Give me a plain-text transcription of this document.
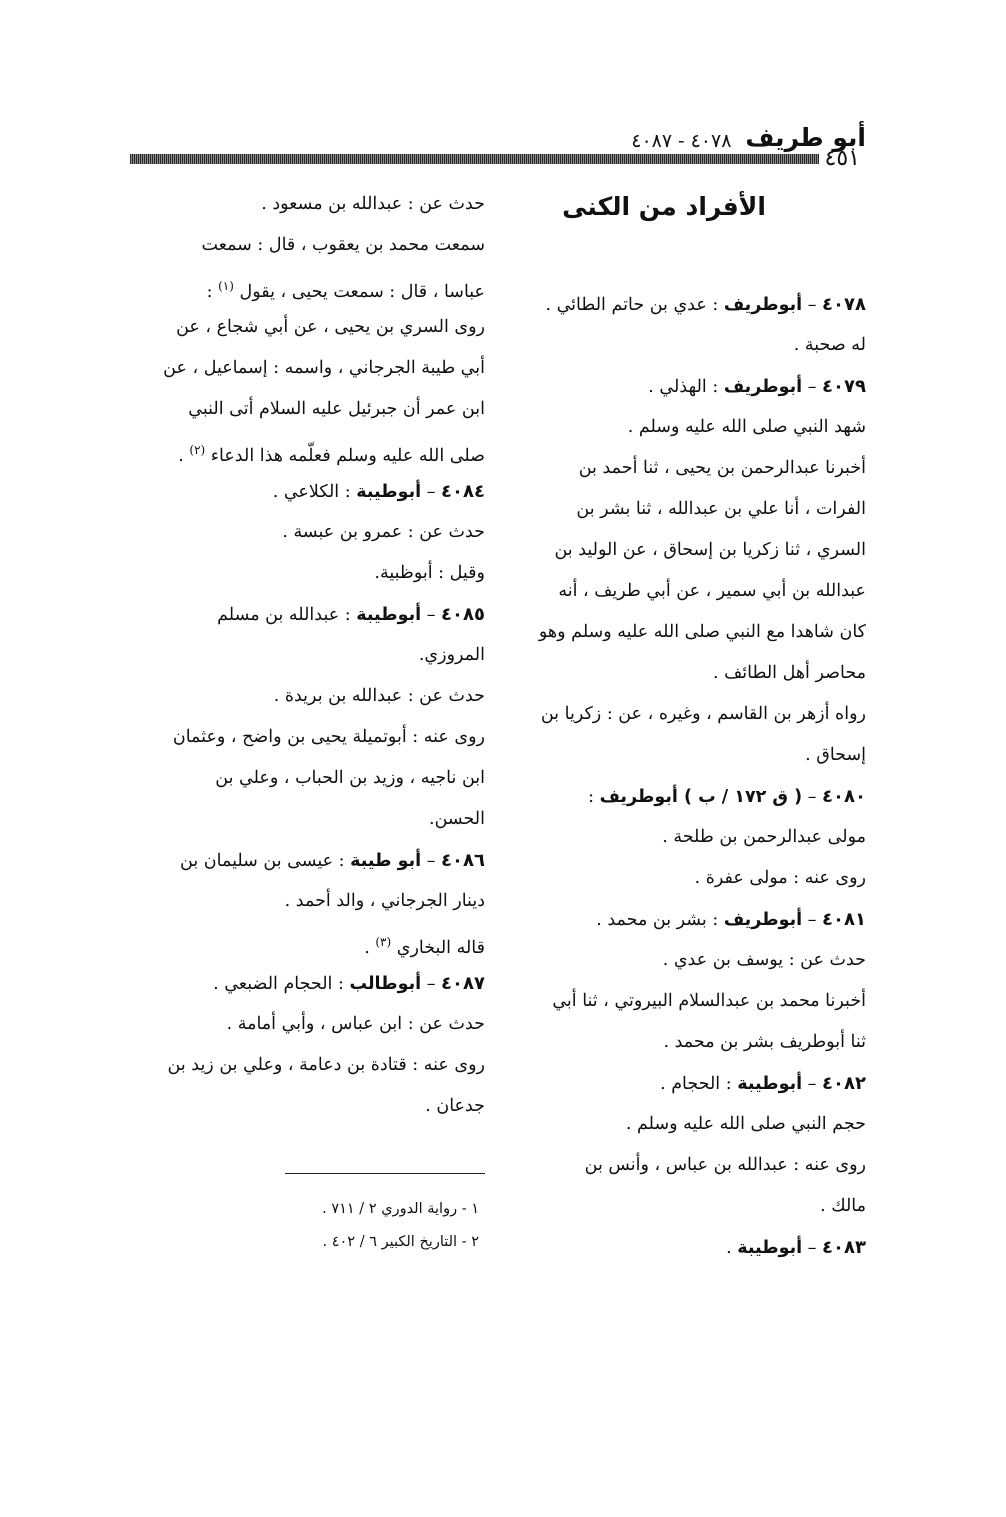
أبو طريف
٤٠٧٨ - ٤٠٨٧
٤٥١
الأفراد من الكنى
٤٠٧٨ – أبوطريف : عدي بن حاتم الطائي .
له صحبة .
٤٠٧٩ – أبوطريف : الهذلي .
شهد النبي صلى الله عليه وسلم .
أخبرنا عبدالرحمن بن يحيى ، ثنا أحمد بن
الفرات ، أنا علي بن عبدالله ، ثنا بشر بن
السري ، ثنا زكريا بن إسحاق ، عن الوليد بن
عبدالله بن أبي سمير ، عن أبي طريف ، أنه
كان شاهدا مع النبي صلى الله عليه وسلم وهو
محاصر أهل الطائف .
رواه أزهر بن القاسم ، وغيره ، عن : زكريا بن
إسحاق .
٤٠٨٠ – ( ق ١٧٢ / ب ) أبوطريف :
مولى عبدالرحمن بن طلحة .
روى عنه : مولى عفرة .
٤٠٨١ – أبوطريف : بشر بن محمد .
حدث عن : يوسف بن عدي .
أخبرنا محمد بن عبدالسلام البيروتي ، ثنا أبي
ثنا أبوطريف بشر بن محمد .
٤٠٨٢ – أبوطيبة : الحجام .
حجم النبي صلى الله عليه وسلم .
روى عنه : عبدالله بن عباس ، وأنس بن
مالك .
٤٠٨٣ – أبوطيبة .
حدث عن : عبدالله بن مسعود .
سمعت محمد بن يعقوب ، قال : سمعت
عباسا ، قال : سمعت يحيى ، يقول $^{(١)}$ :
روى السري بن يحيى ، عن أبي شجاع ، عن
أبي طيبة الجرجاني ، واسمه : إسماعيل ، عن
ابن عمر أن جبرئيل عليه السلام أتى النبي
صلى الله عليه وسلم فعلّمه هذا الدعاء $^{(٢)}$ .
٤٠٨٤ – أبوطيبة : الكلاعي .
حدث عن : عمرو بن عبسة .
وقيل : أبوظبية.
٤٠٨٥ – أبوطيبة : عبدالله بن مسلم
المروزي.
حدث عن : عبدالله بن بريدة .
روى عنه : أبوتميلة يحيى بن واضح ، وعثمان
ابن ناجيه ، وزيد بن الحباب ، وعلي بن
الحسن.
٤٠٨٦ – أبو طيبة : عيسى بن سليمان بن
دينار الجرجاني ، والد أحمد .
قاله البخاري $^{(٣)}$ .
٤٠٨٧ – أبوطالب : الحجام الضبعي .
حدث عن : ابن عباس ، وأبي أمامة .
روى عنه : قتادة بن دعامة ، وعلي بن زيد بن
جدعان .
١ - رواية الدوري ٢ / ٧١١ .
٢ - التاريخ الكبير ٦ / ٤٠٢ .
